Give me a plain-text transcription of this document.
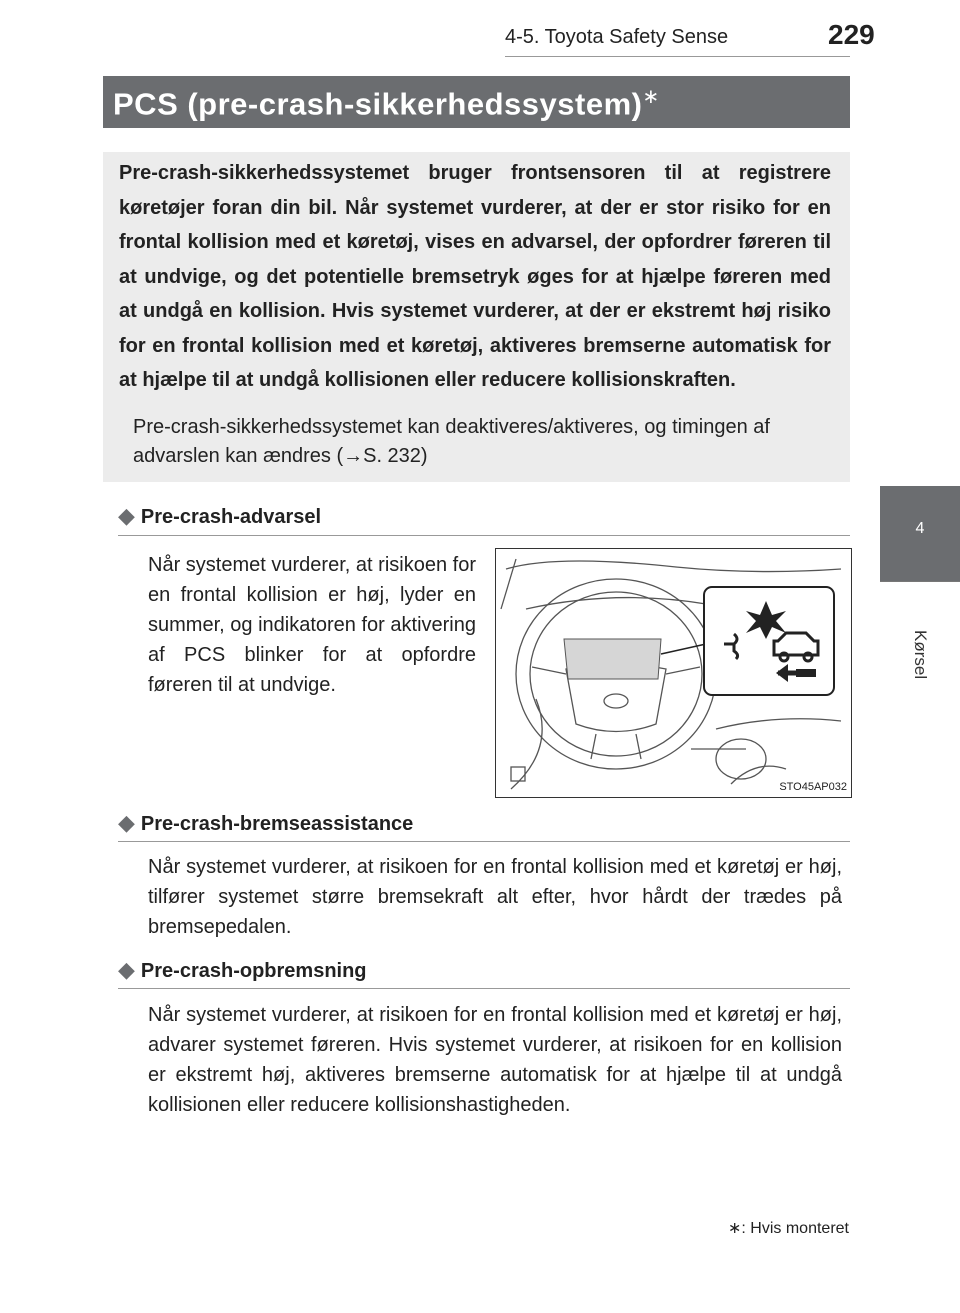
4-5. Toyota Safety Sense	229
4
Kørsel
PCS (pre-crash-sikkerhedssystem)∗
Pre-crash-sikkerhedssystemet bruger frontsensoren til at registrere køretøjer foran din bil. Når systemet vurderer, at der er stor risiko for en frontal kollision med et køretøj, vises en advarsel, der opfordrer føreren til at undvige, og det potentielle bremsetryk øges for at hjælpe føreren med at undgå en kollision. Hvis systemet vurderer, at der er ekstremt høj risiko for en frontal kollision med et køretøj, aktiveres bremserne automatisk for at hjælpe til at undgå kollisionen eller reducere kollisionskraften.
Pre-crash-sikkerhedssystemet kan deaktiveres/aktiveres, og timingen af advarslen kan ændres (→S. 232)
◆ Pre-crash-advarsel
Når systemet vurderer, at risikoen for en frontal kollision er høj, lyder en summer, og indikatoren for aktivering af PCS blinker for at opfordre føreren til at undvige.
STO45AP032
◆ Pre-crash-bremseassistance
Når systemet vurderer, at risikoen for en frontal kollision med et køretøj er høj, tilfører systemet større bremsekraft alt efter, hvor hårdt der trædes på bremsepedalen.
◆ Pre-crash-opbremsning
Når systemet vurderer, at risikoen for en frontal kollision med et køretøj er høj, advarer systemet føreren. Hvis systemet vurderer, at risikoen for en kollision er ekstremt høj, aktiveres bremserne automatisk for at hjælpe til at undgå kollisionen eller reducere kollisionshastigheden.
∗: Hvis monteret
